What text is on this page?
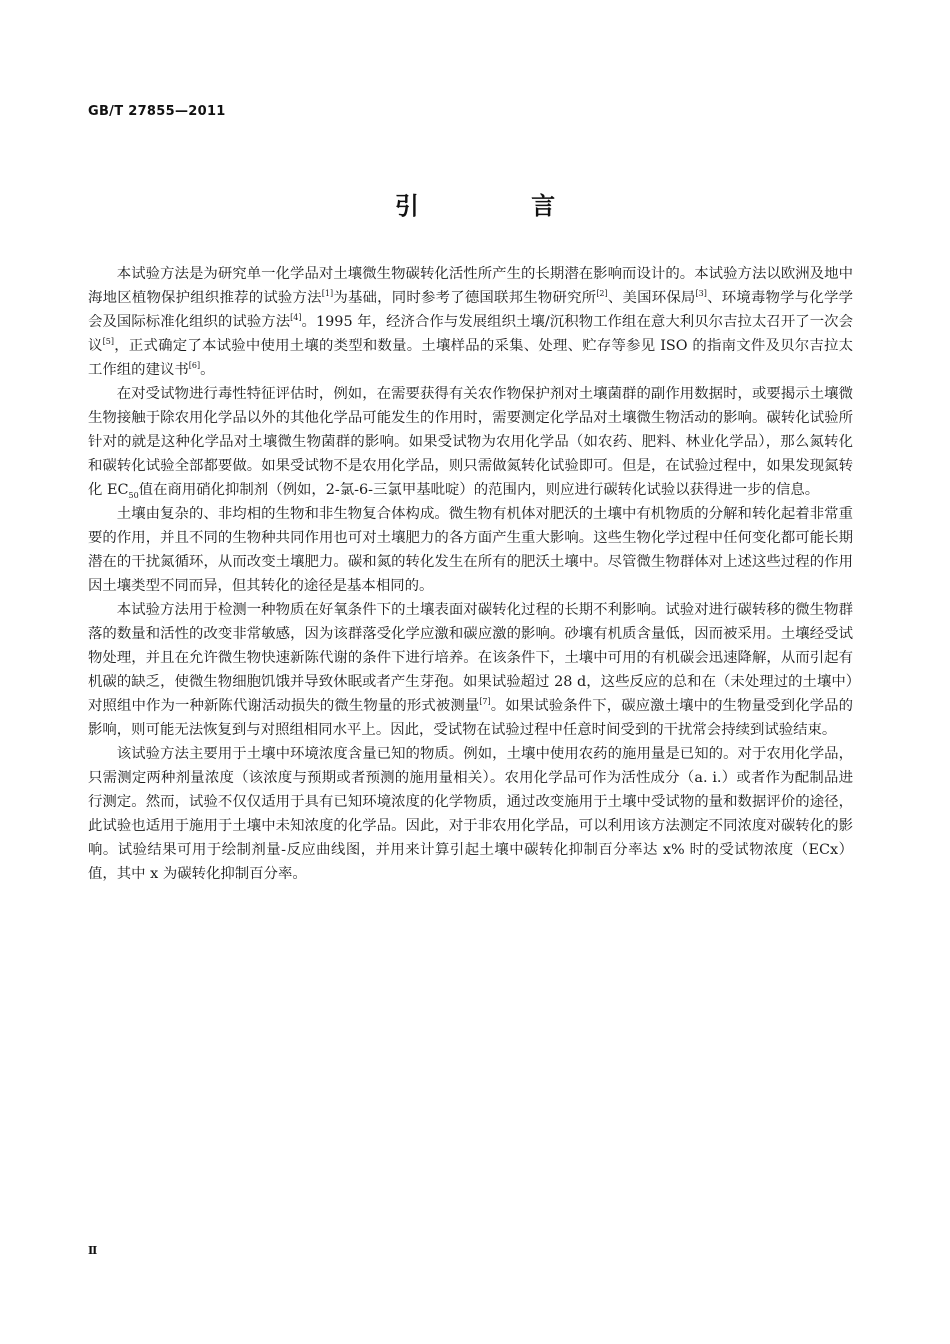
GB/T 27855—2011
引 言

本试验方法是为研究单一化学品对土壤微生物碳转化活性所产生的长期潜在影响而设计的。本试验方法以欧洲及地中海地区植物保护组织推荐的试验方法[1]为基础，同时参考了德国联邦生物研究所[2]、美国环保局[3]、环境毒物学与化学学会及国际标准化组织的试验方法[4]。1995 年，经济合作与发展组织土壤/沉积物工作组在意大利贝尔吉拉太召开了一次会议[5]，正式确定了本试验中使用土壤的类型和数量。土壤样品的采集、处理、贮存等参见 ISO 的指南文件及贝尔吉拉太工作组的建议书[6]。

在对受试物进行毒性特征评估时，例如，在需要获得有关农作物保护剂对土壤菌群的副作用数据时，或要揭示土壤微生物接触于除农用化学品以外的其他化学品可能发生的作用时，需要测定化学品对土壤微生物活动的影响。碳转化试验所针对的就是这种化学品对土壤微生物菌群的影响。如果受试物为农用化学品（如农药、肥料、林业化学品），那么氮转化和碳转化试验全部都要做。如果受试物不是农用化学品，则只需做氮转化试验即可。但是，在试验过程中，如果发现氮转化 $EC_{50}$值在商用硝化抑制剂（例如，2-氯-6-三氯甲基吡啶）的范围内，则应进行碳转化试验以获得进一步的信息。

土壤由复杂的、非均相的生物和非生物复合体构成。微生物有机体对肥沃的土壤中有机物质的分解和转化起着非常重要的作用，并且不同的生物种共同作用也可对土壤肥力的各方面产生重大影响。这些生物化学过程中任何变化都可能长期潜在的干扰氮循环，从而改变土壤肥力。碳和氮的转化发生在所有的肥沃土壤中。尽管微生物群体对上述这些过程的作用因土壤类型不同而异，但其转化的途径是基本相同的。

本试验方法用于检测一种物质在好氧条件下的土壤表面对碳转化过程的长期不利影响。试验对进行碳转移的微生物群落的数量和活性的改变非常敏感，因为该群落受化学应激和碳应激的影响。砂壤有机质含量低，因而被采用。土壤经受试物处理，并且在允许微生物快速新陈代谢的条件下进行培养。在该条件下，土壤中可用的有机碳会迅速降解，从而引起有机碳的缺乏，使微生物细胞饥饿并导致休眠或者产生芽孢。如果试验超过 28 d，这些反应的总和在（未处理过的土壤中）对照组中作为一种新陈代谢活动损失的微生物量的形式被测量[7]。如果试验条件下，碳应激土壤中的生物量受到化学品的影响，则可能无法恢复到与对照组相同水平上。因此，受试物在试验过程中任意时间受到的干扰常会持续到试验结束。

该试验方法主要用于土壤中环境浓度含量已知的物质。例如，土壤中使用农药的施用量是已知的。对于农用化学品，只需测定两种剂量浓度（该浓度与预期或者预测的施用量相关）。农用化学品可作为活性成分（a. i.）或者作为配制品进行测定。然而，试验不仅仅适用于具有已知环境浓度的化学物质，通过改变施用于土壤中受试物的量和数据评价的途径，此试验也适用于施用于土壤中未知浓度的化学品。因此，对于非农用化学品，可以利用该方法测定不同浓度对碳转化的影响。试验结果可用于绘制剂量-反应曲线图，并用来计算引起土壤中碳转化抑制百分率达 x% 时的受试物浓度（ECx）值，其中 x 为碳转化抑制百分率。

Ⅱ
